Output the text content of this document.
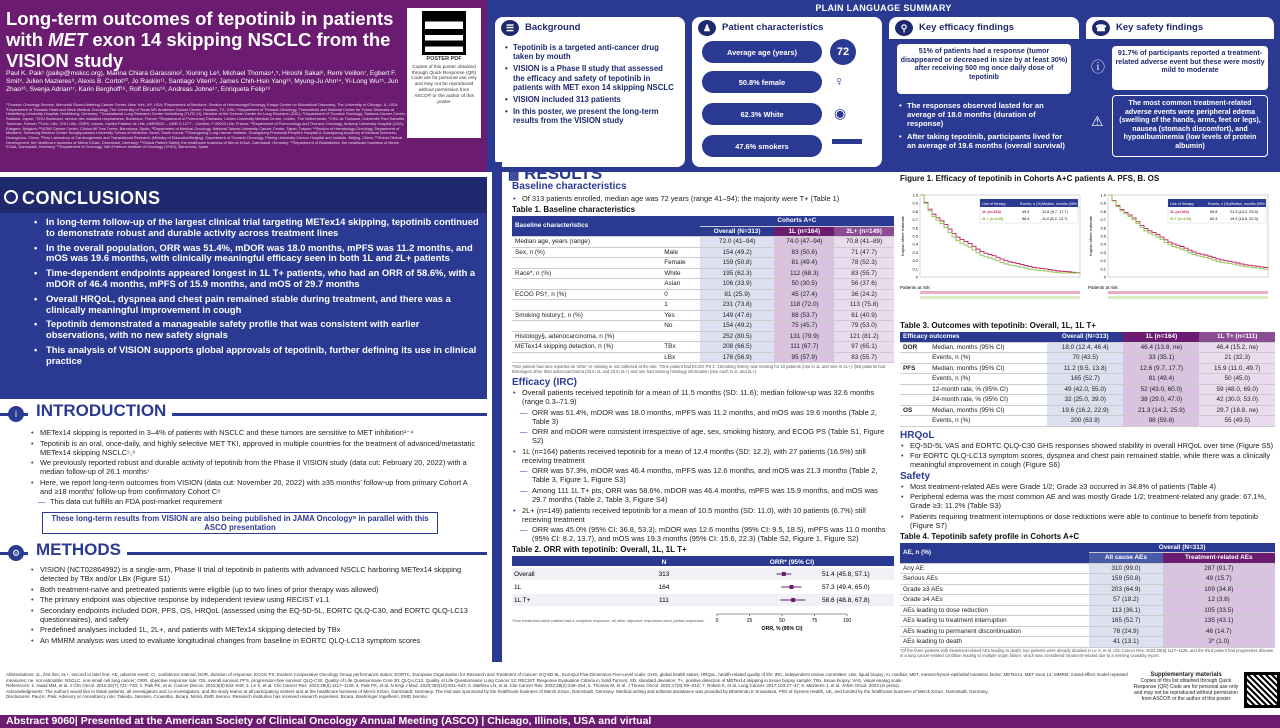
Long-term outcomes of tepotinib in patients
with MET exon 14 skipping NSCLC from the
VISION study
Paul K. Paik¹ (paikp@mskcc.org), Marina Chiara Garassino², Xiuning Le³, Michael Thomas⁴,⁵, Hiroshi Sakai⁶, Remi Veillon⁷, Egbert F. Smit⁸, Julien Mazieres⁹, Alexis B. Cortot¹⁰, Jo Raskin¹¹, Santiago Viteri¹², James Chih-Hsin Yang¹³, Myung-Ju Ahn¹⁴, Yi-Long Wu¹⁵, Jun Zhao¹⁶, Svenja Adrian¹⁷, Karin Berghoff¹⁸, Rolf Bruns¹⁸, Andreas Johne¹⁷, Enriqueta Felip¹⁹
¹Thoracic Oncology Service, Memorial Sloan-Kettering Cancer Center, New York, NY, USA; ²Department of Medicine, Section of Hematology/Oncology, Knapp Center for Biomedical Discovery, The University of Chicago, IL, USA; ³Department of Thoracic Head and Neck Medical Oncology, The University of Texas MD Anderson Cancer Center, Houston, TX, USA; ⁴Department of Thoracic Oncology, Thoraxklinik and National Center for Tumor Diseases at Heidelberg University Hospital, Heidelberg, Germany; ⁵Translational Lung Research Center Heidelberg (TLRC-H), Member of the German Center for Lung Research (DZL); ⁶Department of Thoracic Oncology, Saitama Cancer Center, Saitama, Japan; ⁷CHU Bordeaux, service des maladies respiratoires, Bordeaux, France; ⁸Department of Pulmonary Diseases, Leiden University Medical Centre, Leiden, The Netherlands; ⁹CHU de Toulouse, Université Paul Sabatier, Toulouse, France; ¹⁰Univ. Lille, CHU Lille, CNRS, Inserm, Institut Pasteur de Lille, UMR9020 – UMR-S 1277 – Canther, F-59000 Lille, France; ¹¹Department of Pulmonology and Thoracic Oncology, Antwerp University Hospital (UZA), Edegem, Belgium; ¹²UOMI Cancer Center, Clínica Mi Tres Torres, Barcelona, Spain; ¹³Department of Medical Oncology, National Taiwan University Cancer Center, Taipei, Taiwan; ¹⁴Section of Hematology-Oncology, Department of Medicine, Samsung Medical Center Sungkyunkwan University School of Medicine, Seoul, South Korea; ¹⁵Guangdong Lung Cancer Institute, Guangdong Provincial People's Hospital & Guangdong Academy of Medical Sciences, Guangzhou, China; ¹⁶Key Laboratory of Carcinogenesis and Translational Research (Ministry of Education/Beijing), Department of Thoracic Oncology, Peking University Cancer Hospital and Institute, Beijing, China; ¹⁷Global Clinical Development, the healthcare business of Merck KGaA, Darmstadt, Germany; ¹⁸Global Patient Safety, the healthcare business of Merck KGaA, Darmstadt, Germany; ¹⁹Department of Biostatistics, the healthcare business of Merck KGaA, Darmstadt, Germany; ²⁰Department of Oncology, Vall d'Hebron Institute of Oncology (VHIO), Barcelona, Spain
POSTER PDF
Copies of this poster obtained through Quick Response (QR) Code are for personal use only and may not be reproduced without permission from ASCO® or the author of this poster
PLAIN LANGUAGE SUMMARY
☰	Background
• Tepotinib is a targeted anti-cancer drug taken by mouth
• VISION is a Phase II study that assessed the efficacy and safety of tepotinib in patients with MET exon 14 skipping NSCLC
• VISION included 313 patients
• In this poster, we present the long-term results from the VISION study
♟	Patient characteristics
Average age (years)	72
50.8% female	♀
62.3% White	◉
47.6% smokers
⚲	Key efficacy findings
51% of patients had a response (tumor disappeared or decreased in size by at least 30%) after receiving 500 mg once daily dose of tepotinib
• The responses observed lasted for an average of 18.0 months (duration of response)
• After taking tepotinib, participants lived for an average of 19.6 months (overall survival)
☎ Key safety findings
91.7% of participants reported a treatment-related adverse event but these were mostly mild to moderate
ⓘ
The most common treatment-related adverse events were peripheral edema (swelling of the hands, arms, feet or legs), nausea (stomach discomfort), and hypoalbuminemia (low levels of protein albumin)
⚠
CONCLUSIONS
• In long-term follow-up of the largest clinical trial targeting METex14 skipping, tepotinib continued to demonstrate robust and durable activity across treatment lines
• In the overall population, ORR was 51.4%, mDOR was 18.0 months, mPFS was 11.2 months, and mOS was 19.6 months, with clinically meaningful efficacy seen in both 1L and 2L+ patients
• Time-dependent endpoints appeared longest in 1L T+ patients, who had an ORR of 58.6%, with a mDOR of 46.4 months, mPFS of 15.9 months, and mOS of 29.7 months
• Overall HRQoL, dyspnea and chest pain remained stable during treatment, and there was a clinically meaningful improvement in cough
• Tepotinib demonstrated a manageable safety profile that was consistent with earlier observations, with no new safety signals
• This analysis of VISION supports global approvals of tepotinib, further defining its use in clinical practice
i	INTRODUCTION
• METex14 skipping is reported in 3–4% of patients with NSCLC and these tumors are sensitive to MET inhibition¹⁻⁴
• Tepotinib is an oral, once-daily, and highly selective MET TKI, approved in multiple countries for the treatment of advanced/metastatic METex14 skipping NSCLC⁵,⁶
• We previously reported robust and durable activity of tepotinib from the Phase II VISION study (data cut: February 20, 2022) with a median follow-up of 26.1 months⁷
• Here, we report long-term outcomes from VISION (data cut: November 20, 2022) with ≥35 months' follow-up from primary Cohort A and ≥18 months' follow-up from confirmatory Cohort C⁸
— This data cut fulfills an FDA post-market requirement
These long-term results from VISION are also being published in JAMA Oncology⁸ in parallel with this ASCO presentation
⚙ METHODS
• VISION (NCT02864992) is a single-arm, Phase II trial of tepotinib in patients with advanced NSCLC harboring METex14 skipping detected by TBx and/or LBx (Figure S1)
• Both treatment-naïve and pretreated patients were eligible (up to two lines of prior therapy was allowed)
• The primary endpoint was objective response by independent review using RECIST v1.1
• Secondary endpoints included DOR, PFS, OS, HRQoL (assessed using the EQ-5D-5L, EORTC QLQ-C30, and EORTC QLQ-LC13 questionnaires), and safety
• Predefined analyses included 1L, 2L+, and patients with METex14 skipping detected by TBx
• An MMRM analysis was used to evaluate longitudinal changes from baseline in EORTC QLQ-LC13 symptom scores
▩ RESULTS
Baseline characteristics
• Of 313 patients enrolled, median age was 72 years (range 41–94); the majority were T+ (Table 1)
Table 1. Baseline characteristics
Baseline characteristics		Cohorts A+C		
		Overall (N=313)	1L (n=164)	2L+ (n=149)
Median age, years (range)		72.0 (41–94)	74.0 (47–94)	70.8 (41–89)
Sex, n (%)	Male	154 (49.2)	83 (50.6)	71 (47.7)
	Female	159 (50.8)	81 (49.4)	78 (52.3)
Race*, n (%)	White	195 (62.3)	112 (68.3)	83 (55.7)
	Asian	106 (33.9)	50 (30.5)	56 (37.6)
ECOG PS†, n (%)	0	81 (25.9)	45 (27.4)	36 (24.2)
	1	231 (73.8)	118 (72.0)	113 (75.8)
Smoking history‡, n (%)	Yes	149 (47.6)	88 (53.7)	61 (40.9)
	No	154 (49.2)	75 (45.7)	79 (53.0)
Histology§, adenocarcinoma, n (%)		252 (80.5)	131 (79.9)	121 (81.2)
METex14 skipping detection, n (%)	TBx	208 (66.5)	111 (67.7)	97 (65.1)
	LBx	178 (56.9)	95 (57.9)	83 (55.7)
*One patient had race reported as 'other' or missing or not collected at the site. †One patient had ECOG PS 2. ‡Smoking history was missing for 10 patients (one in 1L and nine in 2L+). §56 patients had histologies other than adenocarcinoma (33 in 1L and 23 in 2L+) and one had missing histology information (one each in 1L and 2L+).
Efficacy (IRC)
• Overall patients received tepotinib for a mean of 11.5 months (SD: 11.6); median follow-up was 32.6 months (range 0.3–71.9)
— ORR was 51.4%, mDOR was 18.0 months, mPFS was 11.2 months, and mOS was 19.6 months (Table 2, Table 3)
— ORR and mDOR were consistent irrespective of age, sex, smoking history, and ECOG PS (Table S1, Figure S2)
• 1L (n=164) patients received tepotinib for a mean of 12.4 months (SD: 12.2), with 27 patients (16.5%) still receiving treatment
— ORR was 57.3%, mDOR was 46.4 months, mPFS was 12.6 months, and mOS was 21.3 months (Table 2, Table 3, Figure 1, Figure S3)
— Among 111 1L T+ pts, ORR was 58.6%, mDOR was 46.4 months, mPFS was 15.9 months, and mOS was 29.7 months (Table 2, Table 3, Figure S4)
• 2L+ (n=149) patients received tepotinib for a mean of 10.5 months (SD: 11.0), with 10 patients (6.7%) still receiving treatment
— ORR was 45.0% (95% CI: 36.8, 53.3), mDOR was 12.6 months (95% CI: 9.5, 18.5), mPFS was 11.0 months (95% CI: 8.2, 13.7), and mOS was 19.3 months (95% CI: 15.6, 22.3) (Table S2, Figure 1, Figure S2)
Table 2. ORR with tepotinib: Overall, 1L, 1L T+
N	ORR* (95% CI)
Overall	313	51.4 (45.8, 57.1)
1L	164	57.3 (49.4, 65.0)
1L T+	111	58.6 (48.8, 67.8)
0	25	50	75	100
ORR, % (95% CI)
*One treatment-naïve patient had a complete response; all other objective responses were partial responses.
Figure 1. Efficacy of tepotinib in Cohorts A+C patients A. PFS, B. OS
1.0
0.9
0.8
0.7
0.6
0.5
0.4
0.3
0.2
0.1
0
Kaplan-Meier estimate
Line of therapy	Events, n (%) Median, months (95% CI)
1L (n=164)	49.4	12.6 (9.7, 17.7)
2L+ (n=149)	56.4	11.0 (8.2, 13.7)
Patients at risk:
1.0
0.9
0.8
0.7
0.6
0.5
0.4
0.3
0.2
0.1
0
Kaplan-Meier estimate
Line of therapy	Events, n (%) Median, months (95% CI)
1L (n=164)	59.8	21.3 (14.2, 25.9)
2L+ (n=149)	60.3	19.3 (15.6, 22.3)
Patients at risk:
Table 3. Outcomes with tepotinib: Overall, 1L, 1L T+
Efficacy outcomes		Overall (N=313)	1L (n=164)	1L T+ (n=111)
DOR	Median, months (95% CI)	18.0 (12.4, 46.4)	46.4 (13.8, ne)	46.4 (15.2, ne)
	Events, n (%)	70 (43.5)	33 (35.1)	21 (32.3)
PFS	Median, months (95% CI)	11.2 (9.5, 13.8)	12.6 (9.7, 17.7)	15.9 (11.0, 49.7)
	Events, n (%)	165 (52.7)	81 (49.4)	50 (45.0)
	12-month rate, % (95% CI)	49 (42.0, 55.0)	52 (43.0, 60.0)	59 (48.0, 69.0)
	24-month rate, % (95% CI)	32 (25.0, 39.0)	38 (29.0, 47.0)	42 (30.0, 53.0)
OS	Median, months (95% CI)	19.6 (16.2, 22.9)	21.3 (14.2, 25.9)	29.7 (18.8, ne)
	Events, n (%)	200 (63.9)	98 (59.8)	55 (49.5)
HRQoL
• EQ-5D-5L VAS and EORTC QLQ-C30 GHS responses showed stability in overall HRQoL over time (Figure S5)
• For EORTC QLQ-LC13 symptom scores, dyspnea and chest pain remained stable, while there was a clinically meaningful improvement in cough (Figure S6)
Safety
• Most treatment-related AEs were Grade 1/2; Grade ≥3 occurred in 34.8% of patients (Table 4)
• Peripheral edema was the most common AE and was mostly Grade 1/2; treatment-related any grade: 67.1%, Grade ≥3: 11.2% (Table S3)
• Patients requiring treatment interruptions or dose reductions were able to continue to benefit from tepotinib (Figure S7)
Table 4. Tepotinib safety profile in Cohorts A+C
AE, n (%)	Overall (N=313)	
	All cause AEs	Treatment-related AEs
Any AE	310 (99.0)	287 (91.7)
Serious AEs	159 (50.8)	49 (15.7)
Grade ≥3 AEs	203 (64.9)	109 (34.8)
Grade ≥4 AEs	57 (18.2)	12 (3.8)
AEs leading to dose reduction	113 (36.1)	105 (33.5)
AEs leading to treatment interruption	165 (52.7)	135 (43.1)
AEs leading to permanent discontinuation	78 (24.9)	46 (14.7)
AEs leading to death	41 (13.1)	3* (1.0)
*Of the three patients with treatment-related AEs leading to death, two patients were already detailed in Le X, et al. Clin Cancer Res. 2022;28(6):1117–1126, and the third patient had progressive disease in a lung cancer-related condition leading to multiple organ failure, which was considered treatment-related due to a missing causality report.
Abbreviations: 1L, first line; 2L+, second or later line; AE, adverse event; CI, confidence interval; DOR, duration of response; ECOG PS, Eastern Cooperative Oncology Group performance status; EORTC, European Organisation for Research and Treatment of Cancer; EQ-5D-5L, EuroQol Five-Dimension Five-Level scale; GHS, global health status; HRQoL, health-related quality of life; IRC, independent review committee; LBx, liquid biopsy; m, median; MET, mesenchymal–epithelial transition factor; METex14, MET exon 14; MMRM, mixed-effect model repeated measures; ne, not estimable; NSCLC, non-small cell lung cancer; ORR, objective response rate; OS, overall survival; PFS, progression-free survival; QLQ-C30, Quality of Life Questionnaire Core 30; QLQ-LC13, Quality of Life Questionnaire Lung Cancer 13; RECIST, Response Evaluation Criteria in Solid Tumors; SD, standard deviation; T+, positive detection of METex14 skipping in tissue biopsy sample; TBx, tissue biopsy; VAS, visual analog scale.
References: 1. Awad MM, et al. J Clin Oncol. 2016;34(7):721–730; 2. Paik PK, et al. Cancer Discov. 2015;5(8):842–849; 3. Le X, et al. Clin Cancer Res. 2022;28(6):1117–1126; 4. Paik PK, et al. N Engl J Med. 2020;383(10):931–943; 5. Mathieu LN, et al. Clin Cancer Res. 2022;28(2):249–254; 6. Thomas M, et al. J Thorac Oncol. 2022;17(9):S9–S10; 7. Robert K, et al. Lung Cancer. 2017;103:27–37; 8. Mazieres J, et al. JAMA Oncol. 2023 (in press).
Acknowledgments: The authors would like to thank patients, all investigators and co-investigators, and the study teams at all participating centers and at the healthcare business of Merck KGaA, Darmstadt, Germany. The trial was sponsored by the healthcare business of Merck KGaA, Darmstadt, Germany. Medical writing and editorial assistance was provided by Bhartendu K Srivastava, PhD of Syneos Health, UK, and funded by the healthcare business of Merck KGaA, Darmstadt, Germany.
Disclosures: Paul K. Paik: Advisory or consultancy role: Takeda, Janssen, CrownBio, Bicara, Mirati, EMD Serono. Research institution has received research expenses: Bicara, Boehringer Ingelheim, EMD Serono.
Supplementary materials
Copies of this list obtained through Quick Response (QR) Code are for personal use only and may not be reproduced without permission from ASCO® or the author of this poster
Abstract 9060| Presented at the American Society of Clinical Oncology Annual Meeting (ASCO) | Chicago, Illinois, USA and virtual
